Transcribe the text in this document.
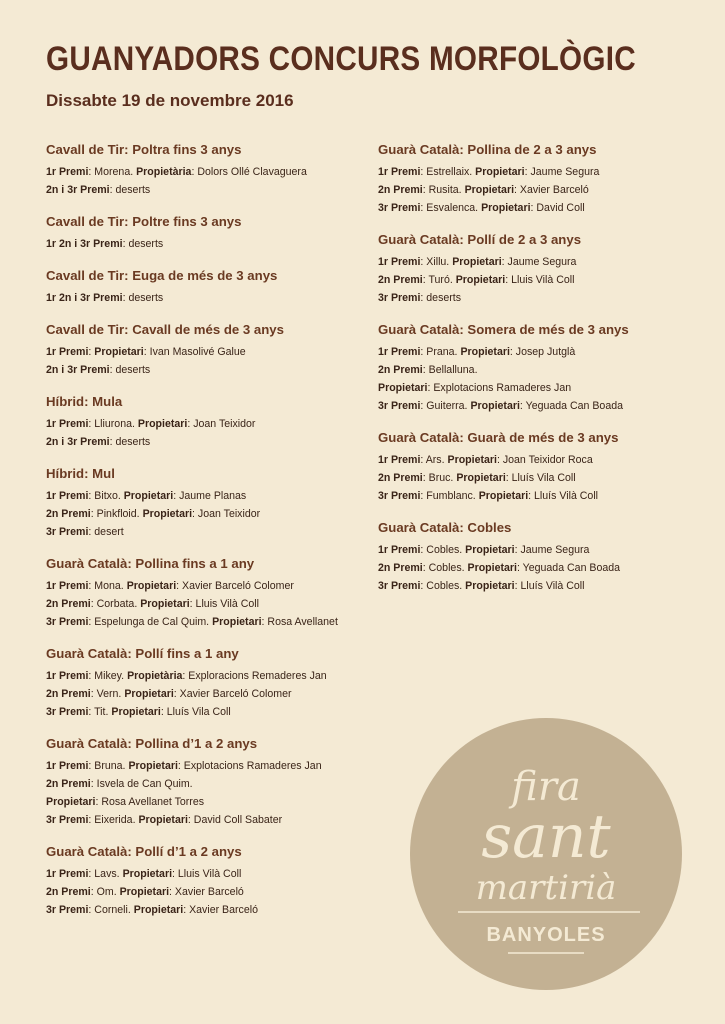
GUANYADORS CONCURS MORFOLÒGIC
Dissabte 19 de novembre 2016
Cavall de Tir: Poltra fins 3 anys
1r Premi: Morena. Propietària: Dolors Ollé Clavaguera
2n i 3r Premi: deserts
Cavall de Tir: Poltre fins 3 anys
1r 2n i 3r Premi: deserts
Cavall de Tir: Euga de més de 3 anys
1r 2n i 3r Premi: deserts
Cavall de Tir: Cavall de més de 3 anys
1r Premi: Propietari: Ivan Masolivé Galue
2n i 3r Premi: deserts
Híbrid: Mula
1r Premi: Lliurona. Propietari: Joan Teixidor
2n i 3r Premi: deserts
Híbrid: Mul
1r Premi: Bitxo. Propietari: Jaume Planas
2n Premi: Pinkfloid. Propietari: Joan Teixidor
3r Premi: desert
Guarà Català: Pollina fins a 1 any
1r Premi: Mona. Propietari: Xavier Barceló Colomer
2n Premi: Corbata. Propietari: Lluis Vilà Coll
3r Premi: Espelunga de Cal Quim. Propietari: Rosa Avellanet
Guarà Català: Pollí fins a 1 any
1r Premi: Mikey. Propietària: Exploracions Remaderes Jan
2n Premi: Vern. Propietari: Xavier Barceló Colomer
3r Premi: Tit. Propietari: Lluís Vila Coll
Guarà Català: Pollina d’1 a 2 anys
1r Premi: Bruna. Propietari: Explotacions Ramaderes Jan
2n Premi: Isvela de Can Quim.
Propietari: Rosa Avellanet Torres
3r Premi: Eixerida. Propietari: David Coll Sabater
Guarà Català: Pollí d’1 a 2 anys
1r Premi: Lavs. Propietari: Lluis Vilà Coll
2n Premi: Om. Propietari: Xavier Barceló
3r Premi: Corneli. Propietari: Xavier Barceló
Guarà Català: Pollina de 2 a 3 anys
1r Premi: Estrellaix. Propietari: Jaume Segura
2n Premi: Rusita. Propietari: Xavier Barceló
3r Premi: Esvalenca. Propietari: David Coll
Guarà Català: Pollí de 2 a 3 anys
1r Premi: Xillu. Propietari: Jaume Segura
2n Premi: Turó. Propietari: Lluis Vilà Coll
3r Premi: deserts
Guarà Català: Somera de més de 3 anys
1r Premi: Prana. Propietari: Josep Jutglà
2n Premi: Bellalluna.
Propietari: Explotacions Ramaderes Jan
3r Premi: Guiterra. Propietari: Yeguada Can Boada
Guarà Català: Guarà de més de 3 anys
1r Premi: Ars. Propietari: Joan Teixidor Roca
2n Premi: Bruc. Propietari: Lluís Vila Coll
3r Premi: Fumblanc. Propietari: Lluís Vilà Coll
Guarà Català: Cobles
1r Premi: Cobles. Propietari: Jaume Segura
2n Premi: Cobles. Propietari: Yeguada Can Boada
3r Premi: Cobles. Propietari: Lluís Vilà Coll
fira
sant
martirià
BANYOLES
